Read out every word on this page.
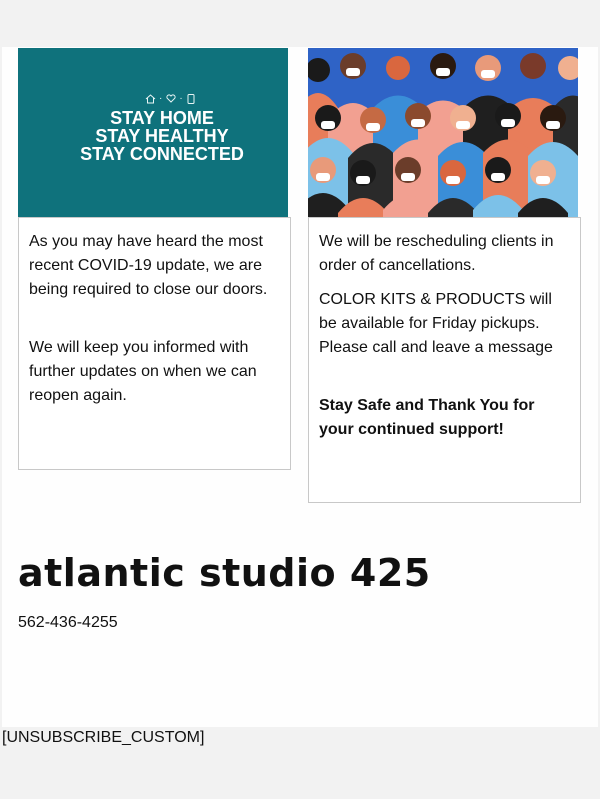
· ·
STAY HOME
STAY HEALTHY
STAY CONNECTED

As you may have heard the most recent COVID-19 update, we are being required to close our doors.

We will keep you informed with further updates on when we can reopen again.

We will be rescheduling clients in order of cancellations.

COLOR KITS & PRODUCTS will be available for Friday pickups. Please call and leave a message

Stay Safe and Thank You for your continued support!

atlantic studio 425
562-436-4255
[UNSUBSCRIBE_CUSTOM]
